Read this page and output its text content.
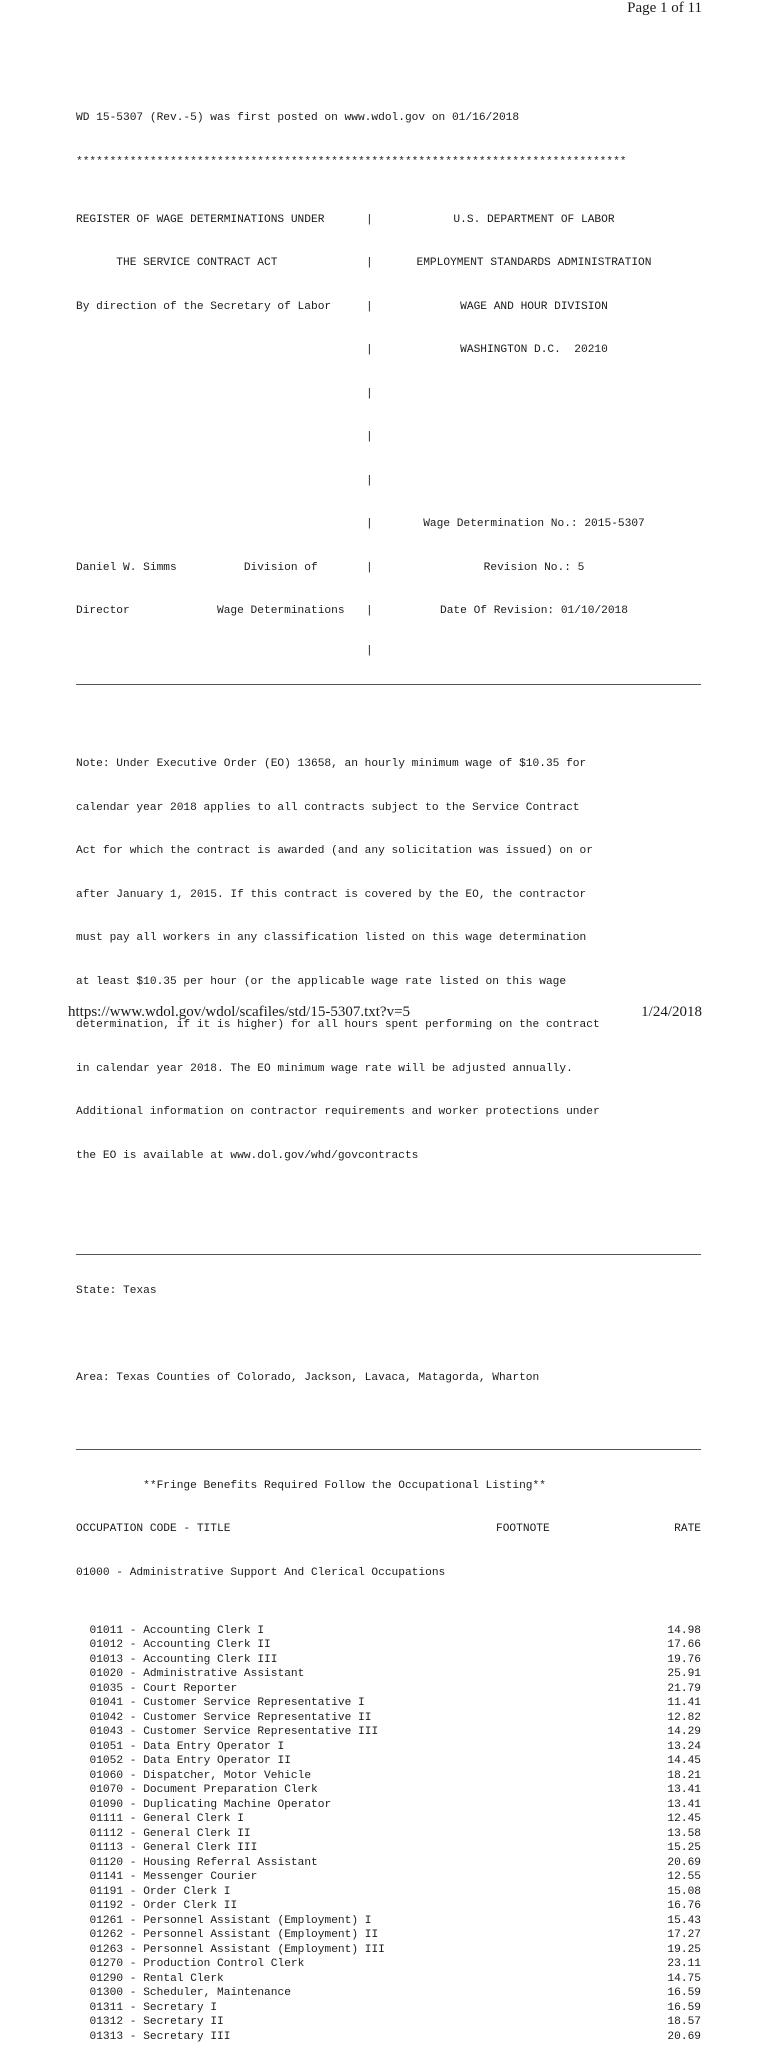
Page 1 of 11

WD 15-5307 (Rev.-5) was first posted on www.wdol.gov on 01/16/2018

**********************************************************************************

REGISTER OF WAGE DETERMINATIONS UNDER	|	U.S. DEPARTMENT OF LABOR

THE SERVICE CONTRACT ACT	|	EMPLOYMENT STANDARDS ADMINISTRATION

By direction of the Secretary of Labor	|	WAGE AND HOUR DIVISION

|	WASHINGTON D.C.  20210

|

|

|

|	Wage Determination No.: 2015-5307

Daniel W. Simms          Division of	|	Revision No.: 5

Director             Wage Determinations	|	Date Of Revision: 01/10/2018

|

Note: Under Executive Order (EO) 13658, an hourly minimum wage of $10.35 for

calendar year 2018 applies to all contracts subject to the Service Contract

Act for which the contract is awarded (and any solicitation was issued) on or

after January 1, 2015. If this contract is covered by the EO, the contractor

must pay all workers in any classification listed on this wage determination

at least $10.35 per hour (or the applicable wage rate listed on this wage

determination, if it is higher) for all hours spent performing on the contract

in calendar year 2018. The EO minimum wage rate will be adjusted annually.

Additional information on contractor requirements and worker protections under

the EO is available at www.dol.gov/whd/govcontracts

State: Texas

Area: Texas Counties of Colorado, Jackson, Lavaca, Matagorda, Wharton

**Fringe Benefits Required Follow the Occupational Listing**

OCCUPATION CODE - TITLE	FOOTNOTE	RATE

01000 - Administrative Support And Clerical Occupations

01011 - Accounting Clerk I	14.98
01012 - Accounting Clerk II	17.66
01013 - Accounting Clerk III	19.76
01020 - Administrative Assistant	25.91
01035 - Court Reporter	21.79
01041 - Customer Service Representative I	11.41
01042 - Customer Service Representative II	12.82
01043 - Customer Service Representative III	14.29
01051 - Data Entry Operator I	13.24
01052 - Data Entry Operator II	14.45
01060 - Dispatcher, Motor Vehicle	18.21
01070 - Document Preparation Clerk	13.41
01090 - Duplicating Machine Operator	13.41
01111 - General Clerk I	12.45
01112 - General Clerk II	13.58
01113 - General Clerk III	15.25
01120 - Housing Referral Assistant	20.69
01141 - Messenger Courier	12.55
01191 - Order Clerk I	15.08
01192 - Order Clerk II	16.76
01261 - Personnel Assistant (Employment) I	15.43
01262 - Personnel Assistant (Employment) II	17.27
01263 - Personnel Assistant (Employment) III	19.25
01270 - Production Control Clerk	23.11
01290 - Rental Clerk	14.75
01300 - Scheduler, Maintenance	16.59
01311 - Secretary I	16.59
01312 - Secretary II	18.57
01313 - Secretary III	20.69

https://www.wdol.gov/wdol/scafiles/std/15-5307.txt?v=5	1/24/2018
